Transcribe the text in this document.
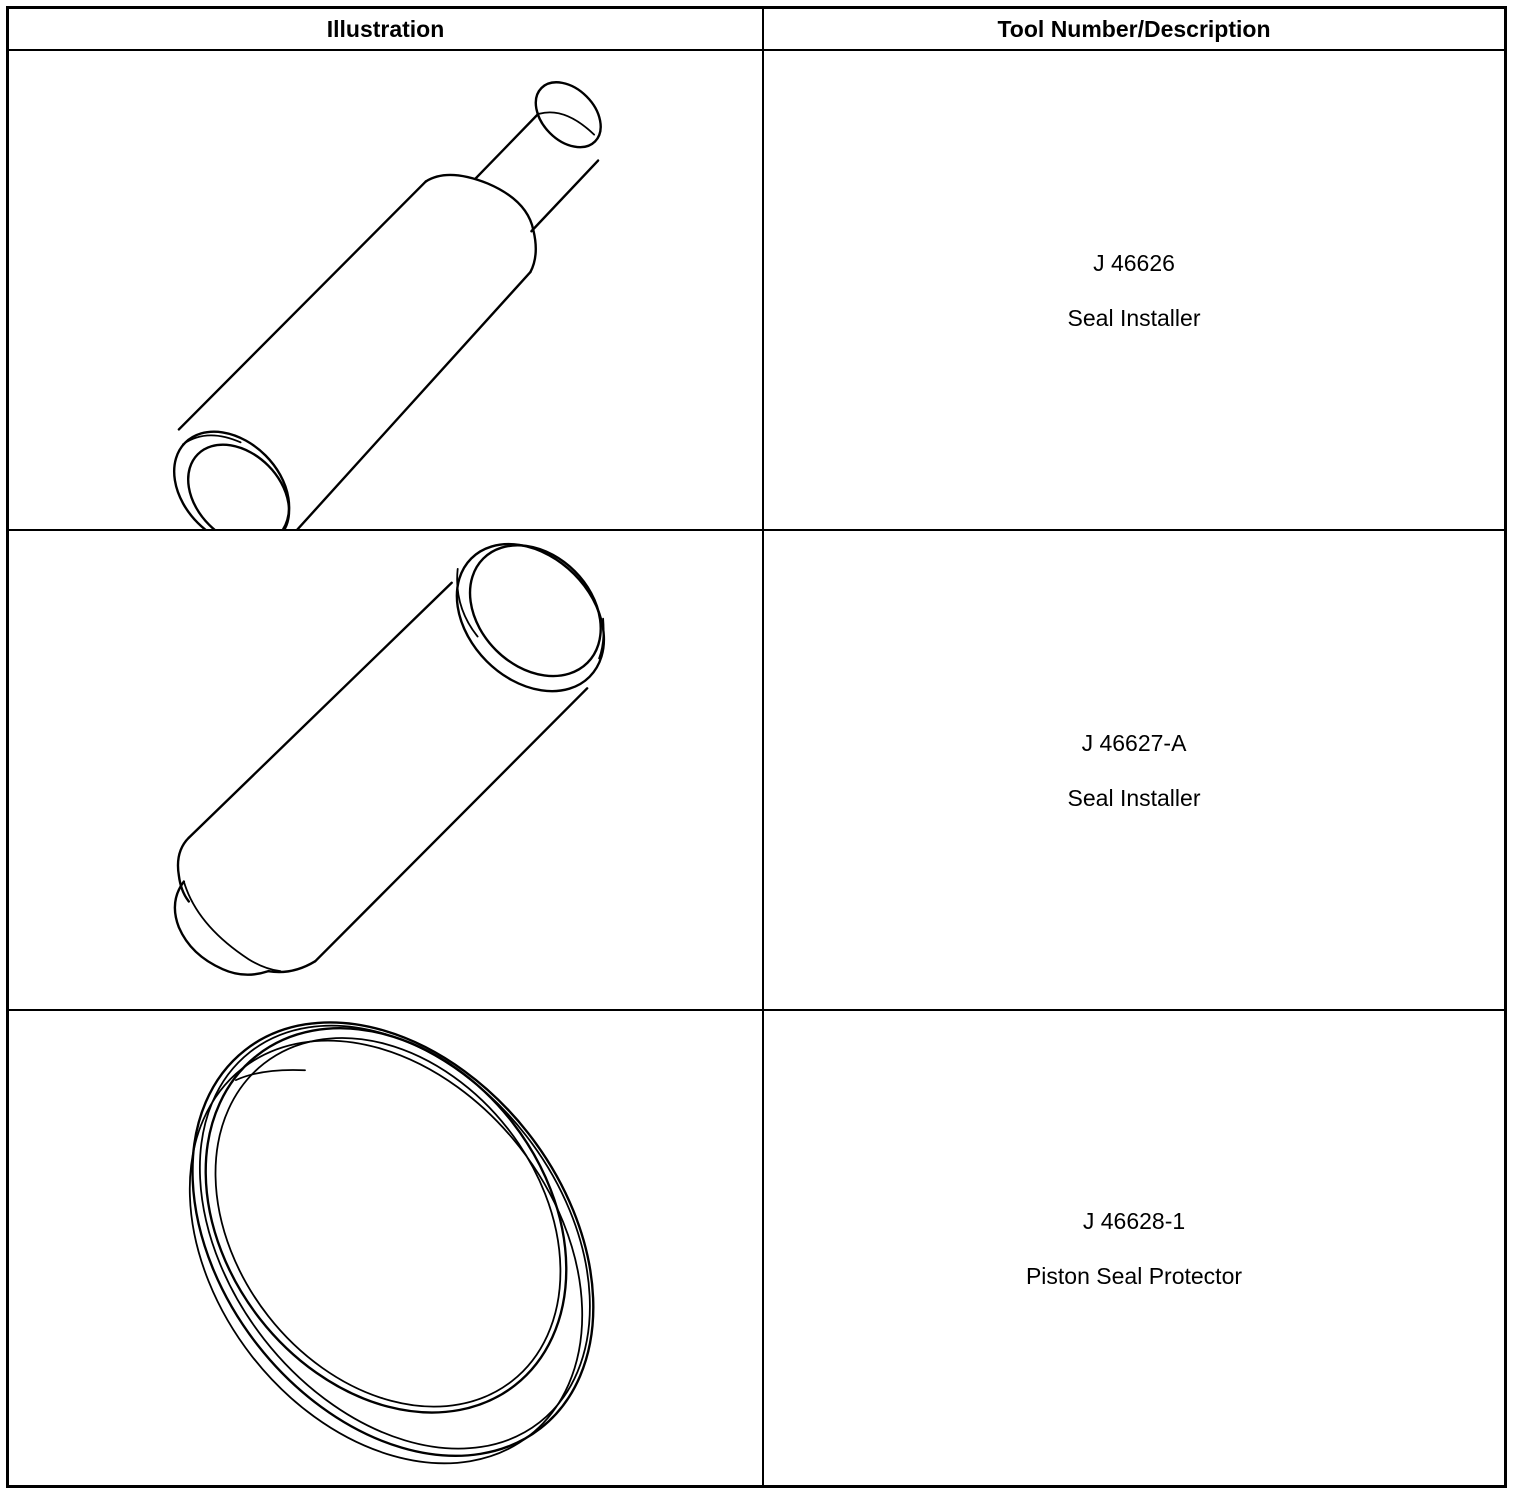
Illustration	Tool Number/Description
J 46626
Seal Installer
J 46627-A
Seal Installer
J 46628-1
Piston Seal Protector
